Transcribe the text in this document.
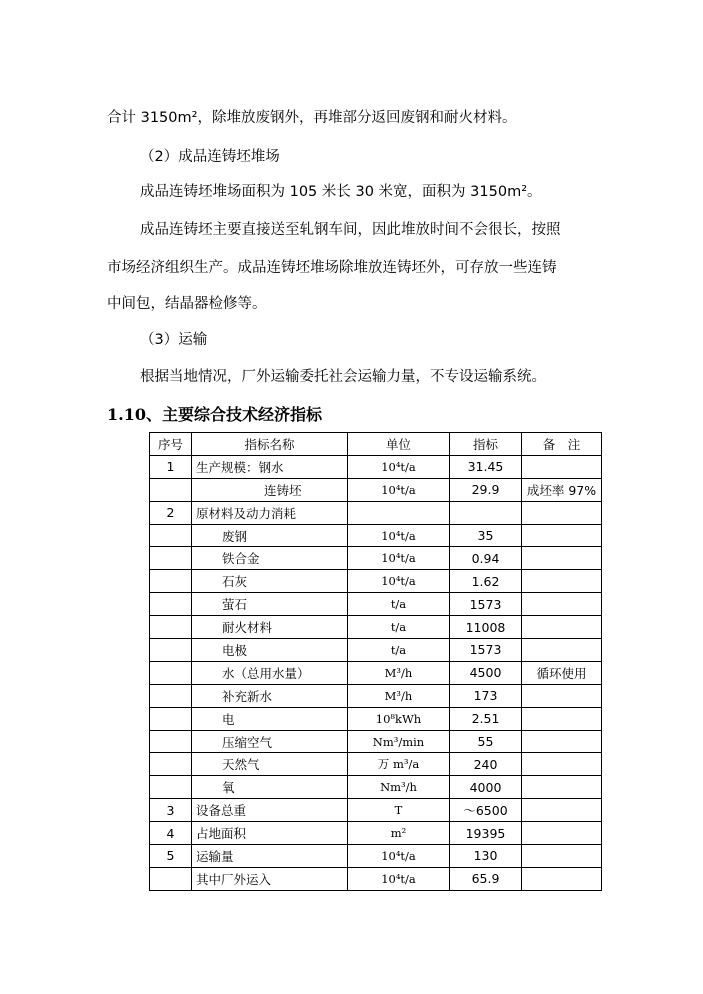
合计 3150m²，除堆放废钢外，再堆部分返回废钢和耐火材料。
（2）成品连铸坯堆场
成品连铸坯堆场面积为 105 米长 30 米宽，面积为 3150m²。
成品连铸坯主要直接送至轧钢车间，因此堆放时间不会很长，按照
市场经济组织生产。成品连铸坯堆场除堆放连铸坯外，可存放一些连铸
中间包，结晶器检修等。
（3）运输
根据当地情况，厂外运输委托社会运输力量，不专设运输系统。
1.10、主要综合技术经济指标
序号	指标名称	单位	指标	备　注
1	生产规模：钢水	10⁴t/a	31.45	
	连铸坯	10⁴t/a	29.9	成坯率 97%
2	原材料及动力消耗			
	废钢	10⁴t/a	35	
	铁合金	10⁴t/a	0.94	
	石灰	10⁴t/a	1.62	
	萤石	t/a	1573	
	耐火材料	t/a	11008	
	电极	t/a	1573	
	水（总用水量）	M³/h	4500	循环使用
	补充新水	M³/h	173	
	电	10⁸kWh	2.51	
	压缩空气	Nm³/min	55	
	天然气	万 m³/a	240	
	氧	Nm³/h	4000	
3	设备总重	T	～6500	
4	占地面积	m²	19395	
5	运输量	10⁴t/a	130	
	其中厂外运入	10⁴t/a	65.9	
